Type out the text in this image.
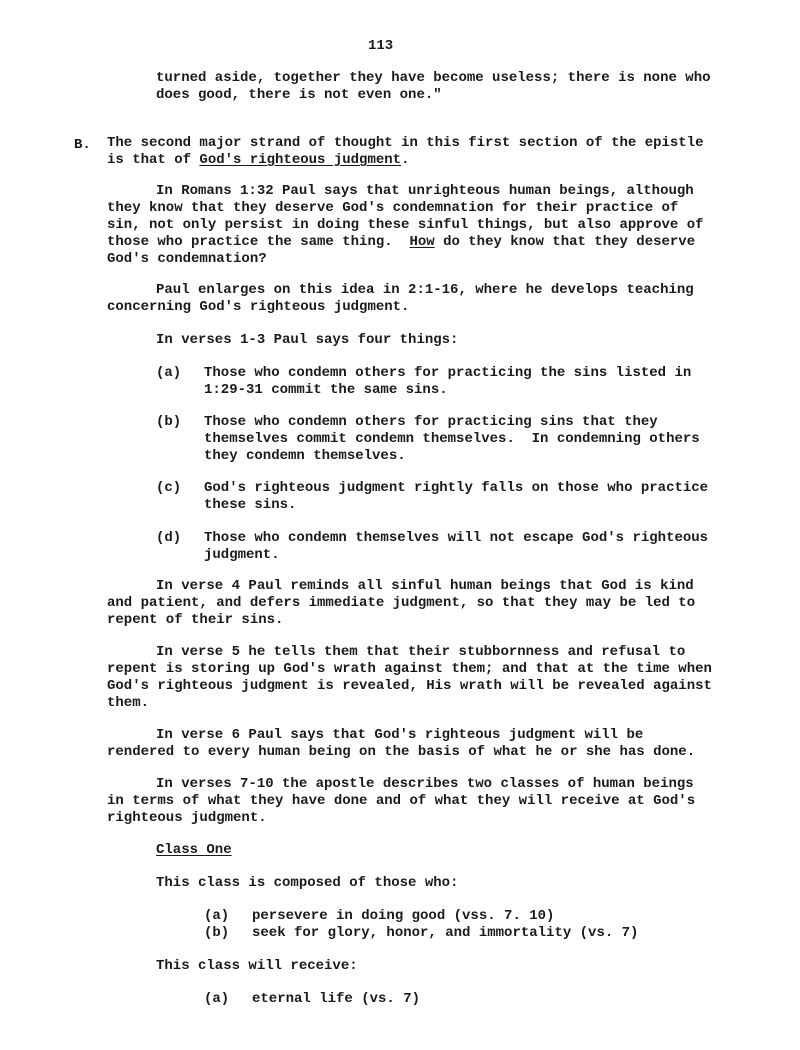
113
turned aside, together they have become useless; there is none who
does good, there is not even one."
B. The second major strand of thought in this first section of the epistle
is that of God's righteous judgment.
In Romans 1:32 Paul says that unrighteous human beings, although
they know that they deserve God's condemnation for their practice of
sin, not only persist in doing these sinful things, but also approve of
those who practice the same thing.  How do they know that they deserve
God's condemnation?
Paul enlarges on this idea in 2:1-16, where he develops teaching
concerning God's righteous judgment.
In verses 1-3 Paul says four things:
(a) Those who condemn others for practicing the sins listed in
1:29-31 commit the same sins.
(b) Those who condemn others for practicing sins that they
themselves commit condemn themselves.  In condemning others
they condemn themselves.
(c) God's righteous judgment rightly falls on those who practice
these sins.
(d) Those who condemn themselves will not escape God's righteous
judgment.
In verse 4 Paul reminds all sinful human beings that God is kind
and patient, and defers immediate judgment, so that they may be led to
repent of their sins.
In verse 5 he tells them that their stubbornness and refusal to
repent is storing up God's wrath against them; and that at the time when
God's righteous judgment is revealed, His wrath will be revealed against
them.
In verse 6 Paul says that God's righteous judgment will be
rendered to every human being on the basis of what he or she has done.
In verses 7-10 the apostle describes two classes of human beings
in terms of what they have done and of what they will receive at God's
righteous judgment.
Class One
This class is composed of those who:
(a) persevere in doing good (vss. 7. 10)
(b) seek for glory, honor, and immortality (vs. 7)
This class will receive:
(a) eternal life (vs. 7)
